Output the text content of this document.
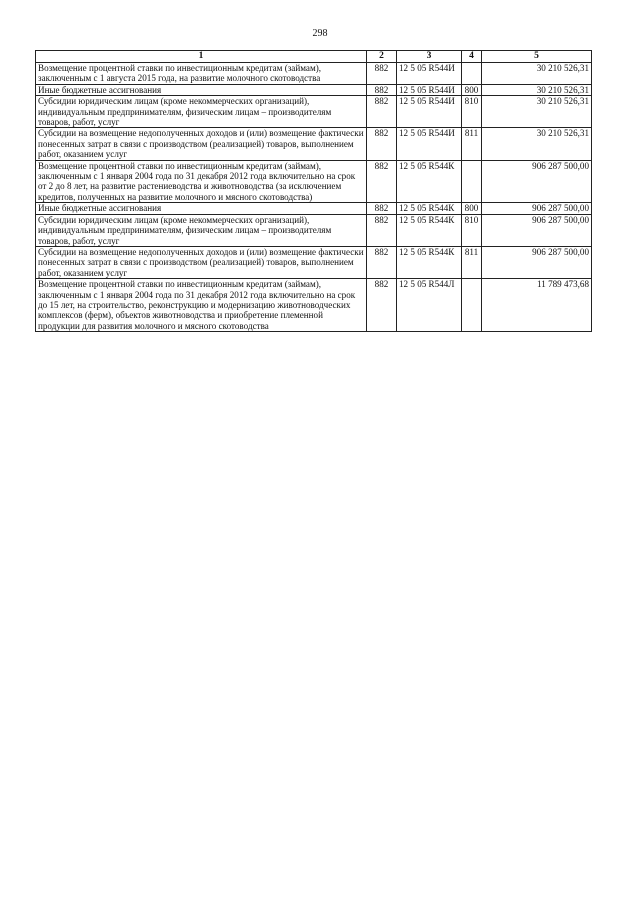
298
1	2	3	4	5
Возмещение процентной ставки по инвестиционным кредитам (займам), заключенным с 1 августа 2015 года, на развитие молочного скотоводства	882	12 5 05 R544И		30 210 526,31
Иные бюджетные ассигнования	882	12 5 05 R544И	800	30 210 526,31
Субсидии юридическим лицам (кроме некоммерческих организаций), индивидуальным предпринимателям, физическим лицам – производителям товаров, работ, услуг	882	12 5 05 R544И	810	30 210 526,31
Субсидии на возмещение недополученных доходов и (или) возмещение фактически понесенных затрат в связи с производством (реализацией) товаров, выполнением работ, оказанием услуг	882	12 5 05 R544И	811	30 210 526,31
Возмещение процентной ставки по инвестиционным кредитам (займам), заключенным с 1 января 2004 года по 31 декабря 2012 года включительно на срок от 2 до 8 лет, на развитие растениеводства и животноводства (за исключением кредитов, полученных на развитие молочного и мясного скотоводства)	882	12 5 05 R544К		906 287 500,00
Иные бюджетные ассигнования	882	12 5 05 R544К	800	906 287 500,00
Субсидии юридическим лицам (кроме некоммерческих организаций), индивидуальным предпринимателям, физическим лицам – производителям товаров, работ, услуг	882	12 5 05 R544К	810	906 287 500,00
Субсидии на возмещение недополученных доходов и (или) возмещение фактически понесенных затрат в связи с производством (реализацией) товаров, выполнением работ, оказанием услуг	882	12 5 05 R544К	811	906 287 500,00
Возмещение процентной ставки по инвестиционным кредитам (займам), заключенным с 1 января 2004 года по 31 декабря 2012 года включительно на срок до 15 лет, на строительство, реконструкцию и модернизацию животноводческих комплексов (ферм), объектов животноводства и приобретение племенной продукции для развития молочного и мясного скотоводства	882	12 5 05 R544Л		11 789 473,68
